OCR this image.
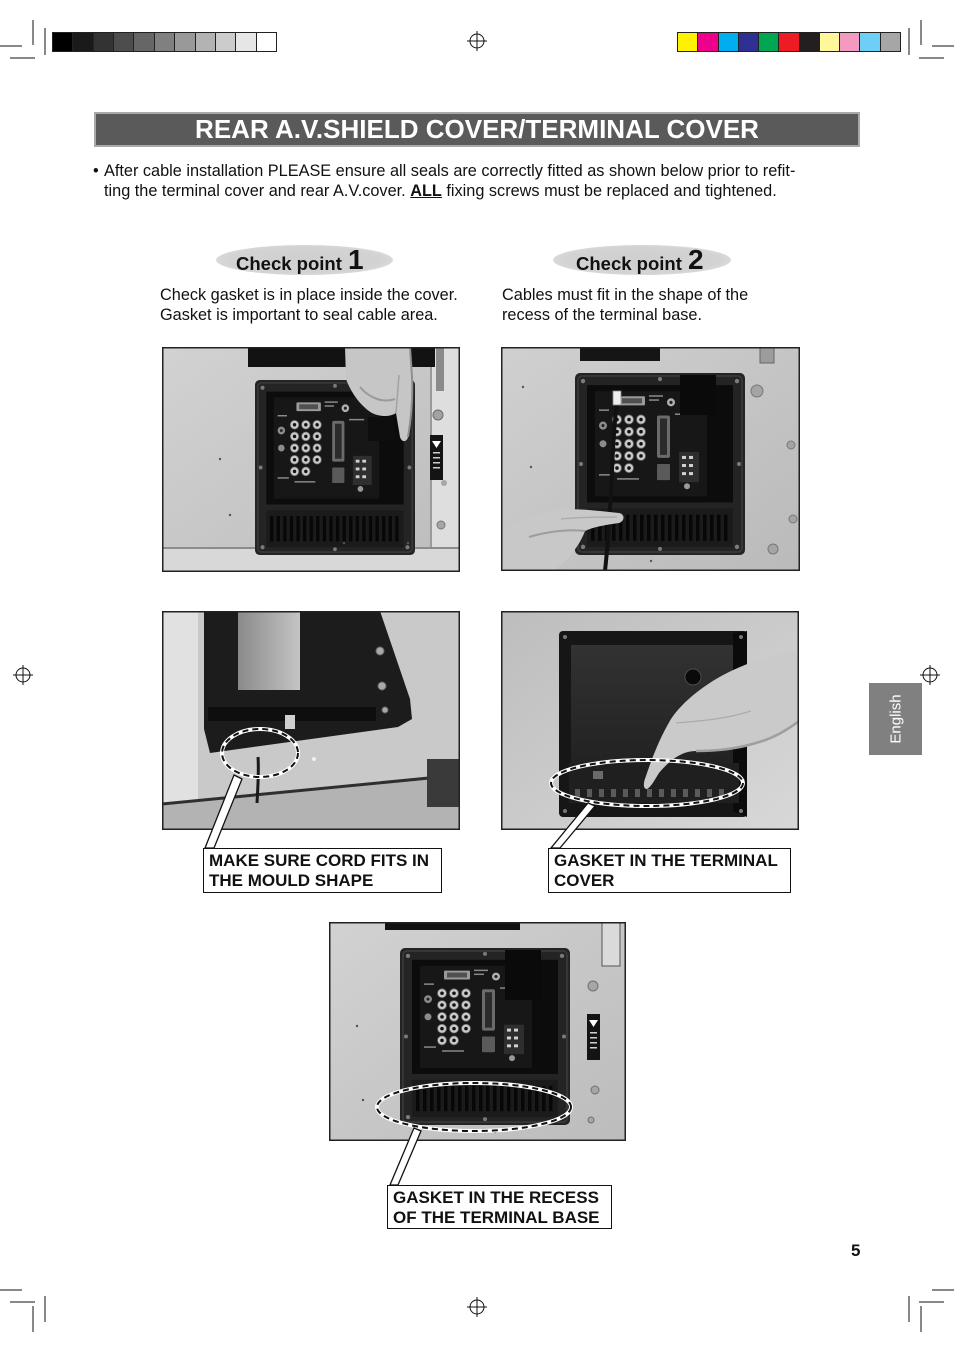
REAR A.V.SHIELD COVER/TERMINAL COVER
• After cable installation PLEASE ensure all seals are correctly fitted as shown below prior to refit-
ting the terminal cover and rear A.V.cover. ALL fixing screws must be replaced and tightened.
Check point 1
Check gasket is in place inside the cover.
Gasket is important to seal cable area.
Check point 2
Cables must fit in the shape of the
recess of the terminal base.
MAKE SURE CORD FITS IN
THE MOULD SHAPE
GASKET IN THE TERMINAL
COVER
GASKET IN THE RECESS
OF THE TERMINAL BASE
English
5
